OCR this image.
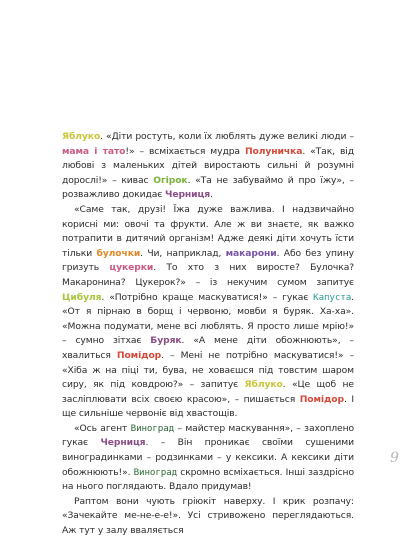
Яблуко. «Діти ростуть, коли їх люблять дуже великі люди – мама і тато!» – всміхається мудра Полуничка. «Так, від любові з маленьких дітей виростають сильні й розумні дорослі!» – кивас Огірок. «Та не забуваймо й про їжу», – розважливо докидає Черниця.

«Саме так, друзі! Їжа дуже важлива. І надзвичайно корисні ми: овочі та фрукти. Але ж ви знаєте, як важко потрапити в дитячий організм! Адже деякі діти хочуть їсти тільки булочки. Чи, наприклад, макарони. Або без упину гризуть цукерки. То хто з них виросте? Булочка? Макаронина? Цукерок?» – із некучим сумом запитує Цибуля. «Потрібно краще маскуватися!» – гукає Капуста. «От я пірнаю в борщ і червоню, мовби я буряк. Ха-ха». «Можна подумати, мене всі люблять. Я просто лише мрію!» – сумно зітхає Буряк. «А мене діти обожнюють», – хвалиться Помідор. – Мені не потрібно маскуватися!» – «Хіба ж на піці ти, бува, не ховаєшся під товстим шаром сиру, як під ковдрою?» – запитує Яблуко. «Це щоб не засліплювати всіх своєю красою», – пишається Помідор. І ще сильніше червоніє від хвастощів.

«Ось агент Виноград – майстер маскування», – захоплено гукає Черниця. – Він проникає своїми сушеними виноградинками – родзинками – у кексики. А кексики діти обожнюють!». Виноград скромно всміхається. Інші заздрісно на нього поглядають. Вдало придумав!

Раптом вони чують гріюкіт наверху. І крик розпачу: «Зачекайте ме-не-е-е!». Усі стривожено переглядаються. Аж тут у залу вваляється

9
